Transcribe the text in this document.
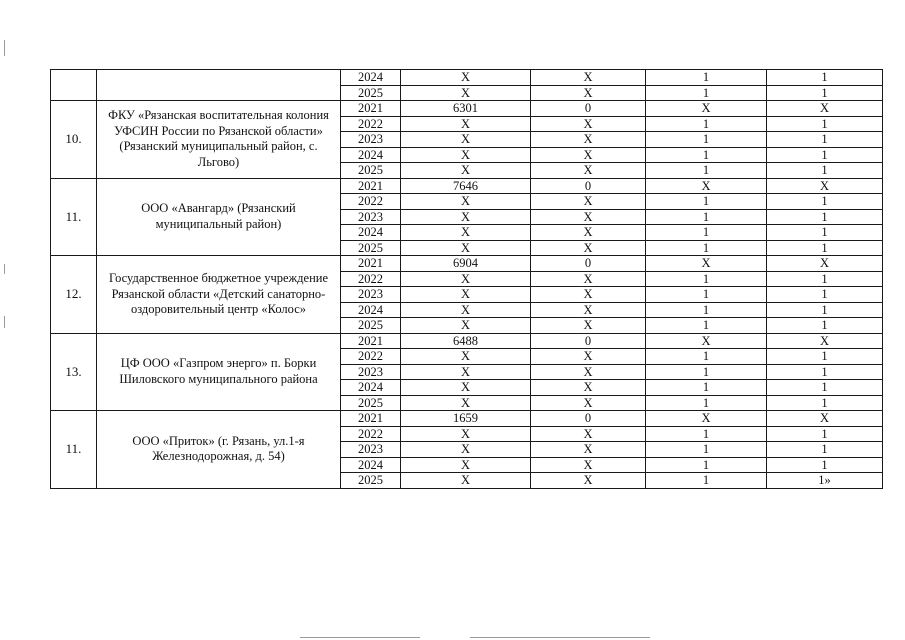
		2024	X	X	1	1
		2025	X	X	1	1
10.	ФКУ «Рязанская воспитательная колония УФСИН России по Рязанской области» (Рязанский муниципальный район, с. Льгово)	2021	6301	0	X	X
		2022	X	X	1	1
		2023	X	X	1	1
		2024	X	X	1	1
		2025	X	X	1	1
11.	ООО «Авангард» (Рязанский муниципальный район)	2021	7646	0	X	X
		2022	X	X	1	1
		2023	X	X	1	1
		2024	X	X	1	1
		2025	X	X	1	1
12.	Государственное бюджетное учреждение Рязанской области «Детский санаторно-оздоровительный центр «Колос»	2021	6904	0	X	X
		2022	X	X	1	1
		2023	X	X	1	1
		2024	X	X	1	1
		2025	X	X	1	1
13.	ЦФ ООО «Газпром энерго» п. Борки Шиловского муниципального района	2021	6488	0	X	X
		2022	X	X	1	1
		2023	X	X	1	1
		2024	X	X	1	1
		2025	X	X	1	1
11.	ООО «Приток» (г. Рязань, ул.1-я Железнодорожная, д. 54)	2021	1659	0	X	X
		2022	X	X	1	1
		2023	X	X	1	1
		2024	X	X	1	1
		2025	X	X	1	1»
